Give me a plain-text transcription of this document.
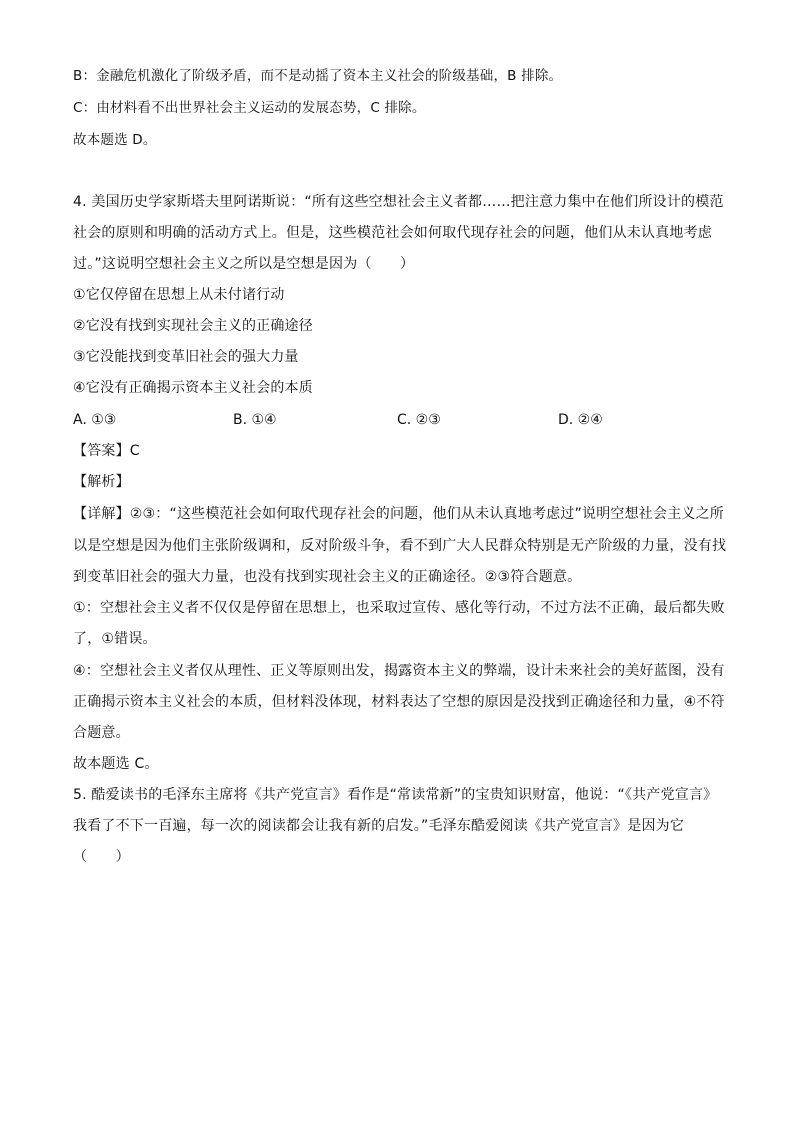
B：金融危机激化了阶级矛盾，而不是动摇了资本主义社会的阶级基础，B 排除。
C：由材料看不出世界社会主义运动的发展态势，C 排除。
故本题选 D。
4. 美国历史学家斯塔夫里阿诺斯说：“所有这些空想社会主义者都……把注意力集中在他们所设计的模范
社会的原则和明确的活动方式上。但是，这些模范社会如何取代现存社会的问题，他们从未认真地考虑
过。”这说明空想社会主义之所以是空想是因为（　　）
①它仅停留在思想上从未付诸行动
②它没有找到实现社会主义的正确途径
③它没能找到变革旧社会的强大力量
④它没有正确揭示资本主义社会的本质
A. ①③	B. ①④	C. ②③	D. ②④
【答案】C
【解析】
【详解】②③：“这些模范社会如何取代现存社会的问题，他们从未认真地考虑过”说明空想社会主义之所
以是空想是因为他们主张阶级调和，反对阶级斗争，看不到广大人民群众特别是无产阶级的力量，没有找
到变革旧社会的强大力量，也没有找到实现社会主义的正确途径。②③符合题意。
①：空想社会主义者不仅仅是停留在思想上，也采取过宣传、感化等行动，不过方法不正确，最后都失败
了，①错误。
④：空想社会主义者仅从理性、正义等原则出发，揭露资本主义的弊端，设计未来社会的美好蓝图，没有
正确揭示资本主义社会的本质，但材料没体现，材料表达了空想的原因是没找到正确途径和力量，④不符
合题意。
故本题选 C。
5. 酷爱读书的毛泽东主席将《共产党宣言》看作是“常读常新”的宝贵知识财富，他说：“《共产党宣言》
我看了不下一百遍，每一次的阅读都会让我有新的启发。”毛泽东酷爱阅读《共产党宣言》是因为它
（　　）
